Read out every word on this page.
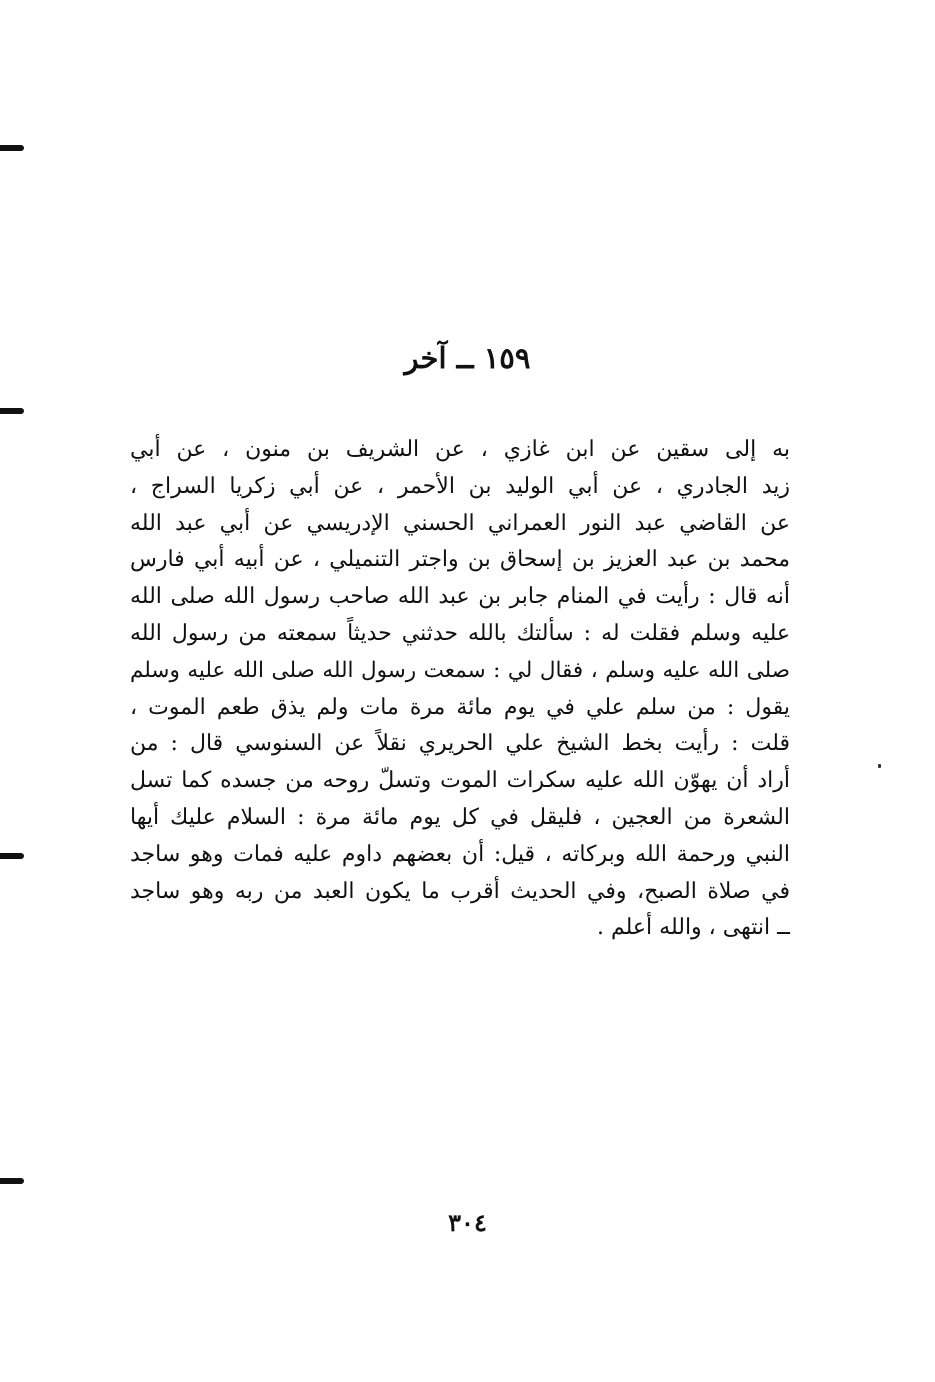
١٥٩ ــ آخر
به إلى سقين عن ابن غازي ، عن الشريف بن منون ، عن أبي
زيد الجادري ، عن أبي الوليد بن الأحمر ، عن أبي زكريا السراج ،
عن القاضي عبد النور العمراني الحسني الإدريسي عن أبي عبد الله
محمد بن عبد العزيز بن إسحاق بن واجتر التنميلي ، عن أبيه أبي فارس
أنه قال : رأيت في المنام جابر بن عبد الله صاحب رسول الله صلى الله
عليه وسلم فقلت له : سألتك بالله حدثني حديثاً سمعته من رسول الله
صلى الله عليه وسلم ، فقال لي : سمعت رسول الله صلى الله عليه وسلم
يقول : من سلم علي في يوم مائة مرة مات ولم يذق طعم الموت ،
قلت : رأيت بخط الشيخ علي الحريري نقلاً عن السنوسي قال : من
أراد أن يهوّن الله عليه سكرات الموت وتسلّ روحه من جسده كما تسل
الشعرة من العجين ، فليقل في كل يوم مائة مرة : السلام عليك أيها
النبي ورحمة الله وبركاته ، قيل: أن بعضهم داوم عليه فمات وهو ساجد
في صلاة الصبح، وفي الحديث أقرب ما يكون العبد من ربه وهو ساجد
ــ انتهى ، والله أعلم .
٣٠٤
